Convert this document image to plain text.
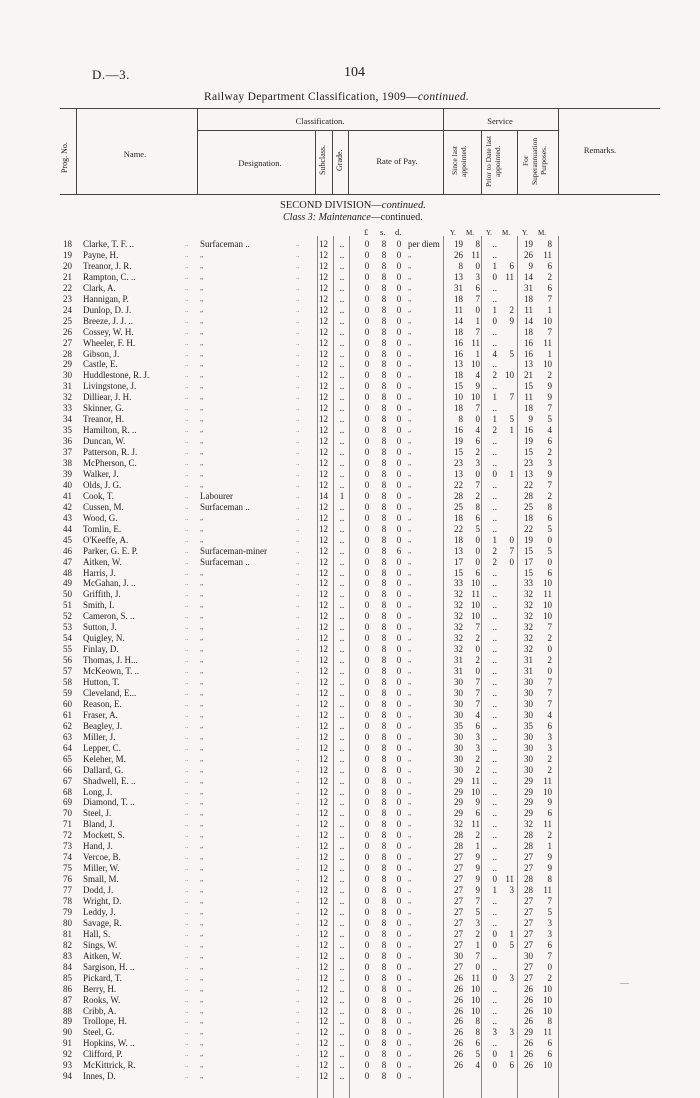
D.—3.	104
Railway Department Classification, 1909—continued.
Prog. No.	Name.
Classification.
Designation.	Subclass. Grade.	Rate of Pay.
Service
Since last appointed.	Prior to Date last appointed.	For Superannuation Purposes.	Remarks.
SECOND DIVISION—continued.
Class 3: Maintenance—continued.
£ s. d.	Y. M. Y. M. Y. M.
18 Clarke, T. F. ..	.. Surfaceman ..	.. 12	..	0 8 0 per diem	19	8	..	19	8
19 Payne, H.	.. „	.. 12	..	0 8 0 „	26 11	..	26	11
20 Treanor, J. R.	.. „	.. 12	..	0 8 0 „	8	0	1	6	9	6
21 Rampton, C. ..	.. „	.. 12	..	0 8 0 „	13	3	0 11	14	2
22 Clark, A.	.. „	.. 12	..	0 8 0 „	31	6	..	31	6
23 Hannigan, P.	.. „	.. 12	..	0 8 0 „	18	7	..	18	7
24 Dunlop, D. J.	.. „	.. 12	..	0 8 0 „	11	0	1	2	11	1
25 Breeze, J. J. ..	.. „	.. 12	..	0 8 0 „	14	1	0	9	14	10
26 Cossey, W. H.	.. „	.. 12	..	0 8 0 „	18	7	..	18	7
27 Wheeler, F. H.	.. „	.. 12	..	0 8 0 „	16 11	..	16	11
28 Gibson, J.	.. „	.. 12	..	0 8 0 „	16	1	4	5	16	1
29 Castle, E.	.. „	.. 12	..	0 8 0 „	13 10	..	13	10
30 Huddlestone, R. J.	.. „	.. 12	..	0 8 0 „	18	4	2 10	21	2
31 Livingstone, J.	.. „	.. 12	..	0 8 0 „	15	9	..	15	9
32 Dilliear, J. H.	.. „	.. 12	..	0 8 0 „	10 10	1	7	11	9
33 Skinner, G.	.. „	.. 12	..	0 8 0 „	18	7	..	18	7
34 Treanor, H.	.. „	.. 12	..	0 8 0 „	8	0	1	5	9	5
35 Hamilton, R. ..	.. „	.. 12	..	0 8 0 „	16	4	2	1	16	4
36 Duncan, W.	.. „	.. 12	..	0 8 0 „	19	6	..	19	6
37 Patterson, R. J.	.. „	.. 12	..	0 8 0 „	15	2	..	15	2
38 McPherson, C.	.. „	.. 12	..	0 8 0 „	23	3	..	23	3
39 Walker, J.	.. „	.. 12	..	0 8 0 „	13	0	0	1	13	9
40 Olds, J. G.	.. „	.. 12	..	0 8 0 „	22	7	..	22	7
41 Cook, T.	.. Labourer	.. 14	1	0 8 0 „	28	2	..	28	2
42 Cussen, M.	.. Surfaceman ..	.. 12	..	0 8 0 „	25	8	..	25	8
43 Wood, G.	.. „	.. 12	..	0 8 0 „	18	6	..	18	6
44 Tomlin, E.	.. „	.. 12	..	0 8 0 „	22	5	..	22	5
45 O'Keeffe, A.	.. „	.. 12	..	0 8 0 „	18	0	1	0	19	0
46 Parker, G. E. P.	.. Surfaceman-miner	.. 12	..	0 8 6 „	13	0	2	7	15	5
47 Aitken, W.	.. Surfaceman ..	.. 12	..	0 8 0 „	17	0	2	0	17	0
48 Harris, J.	.. „	.. 12	..	0 8 0 „	15	6	..	15	6
49 McGahan, J. ..	.. „	.. 12	..	0 8 0 „	33 10	..	33	10
50 Griffith, J.	.. „	.. 12	..	0 8 0 „	32 11	..	32	11
51 Smith, I.	.. „	.. 12	..	0 8 0 „	32 10	..	32	10
52 Cameron, S. ..	.. „	.. 12	..	0 8 0 „	32 10	..	32	10
53 Sutton, J.	.. „	.. 12	..	0 8 0 „	32	7	..	32	7
54 Quigley, N.	.. „	.. 12	..	0 8 0 „	32	2	..	32	2
55 Finlay, D.	.. „	.. 12	..	0 8 0 „	32	0	..	32	0
56 Thomas, J. H...	.. „	.. 12	..	0 8 0 „	31	2	..	31	2
57 McKeown, T. ..	.. „	.. 12	..	0 8 0 „	31	0	..	31	0
58 Hutton, T.	.. „	.. 12	..	0 8 0 „	30	7	..	30	7
59 Cleveland, E...	.. „	.. 12	..	0 8 0 „	30	7	..	30	7
60 Reason, E.	.. „	.. 12	..	0 8 0 „	30	7	..	30	7
61 Fraser, A.	.. „	.. 12	..	0 8 0 „	30	4	..	30	4
62 Beagley, J.	.. „	.. 12	..	0 8 0 „	35	6	..	35	6
63 Miller, J.	.. „	.. 12	..	0 8 0 „	30	3	..	30	3
64 Lepper, C.	.. „	.. 12	..	0 8 0 „	30	3	..	30	3
65 Keleher, M.	.. „	.. 12	..	0 8 0 „	30	2	..	30	2
66 Dallard, G.	.. „	.. 12	..	0 8 0 „	30	2	..	30	2
67 Shadwell, E. ..	.. „	.. 12	..	0 8 0 „	29 11	..	29	11
68 Long, J.	.. „	.. 12	..	0 8 0 „	29 10	..	29	10
69 Diamond, T. ..	.. „	.. 12	..	0 8 0 „	29	9	..	29	9
70 Steel, J.	.. „	.. 12	..	0 8 0 „	29	6	..	29	6
71 Bland, J.	.. „	.. 12	..	0 8 0 „	32 11	..	32	11
72 Mockett, S.	.. „	.. 12	..	0 8 0 „	28	2	..	28	2
73 Hand, J.	.. „	.. 12	..	0 8 0 „	28	1	..	28	1
74 Vercoe, B.	.. „	.. 12	..	0 8 0 „	27	9	..	27	9
75 Miller, W.	.. „	.. 12	..	0 8 0 „	27	9	..	27	9
76 Small, M.	.. „	.. 12	..	0 8 0 „	27	9	0 11	28	8
77 Dodd, J.	.. „	.. 12	..	0 8 0 „	27	9	1	3	28	11
78 Wright, D.	.. „	.. 12	..	0 8 0 „	27	7	..	27	7
79 Leddy, J.	.. „	.. 12	..	0 8 0 „	27	5	..	27	5
80 Savage, R.	.. „	.. 12	..	0 8 0 „	27	3	..	27	3
81 Hall, S.	.. „	.. 12	..	0 8 0 „	27	2	0	1	27	3
82 Sings, W.	.. „	.. 12	..	0 8 0 „	27	1	0	5	27	6
83 Aitken, W.	.. „	.. 12	..	0 8 0 „	30	7	..	30	7
84 Sargison, H. ..	.. „	.. 12	..	0 8 0 „	27	0	..	27	0
85 Pickard, T.	.. „	.. 12	..	0 8 0 „	26 11	0	3	27	2
86 Berry, H.	.. „	.. 12	..	0 8 0 „	26 10	..	26	10
87 Rooks, W.	.. „	.. 12	..	0 8 0 „	26 10	..	26	10
88 Cribb, A.	.. „	.. 12	..	0 8 0 „	26 10	..	26	10
89 Trollope, H.	.. „	.. 12	..	0 8 0 „	26	8	..	26	8
90 Steel, G.	.. „	.. 12	..	0 8 0 „	26	8	3	3	29	11
91 Hopkins, W. ..	.. „	.. 12	..	0 8 0 „	26	6	..	26	6
92 Clifford, P.	.. „	.. 12	..	0 8 0 „	26	5	0	1	26	6
93 McKittrick, R.	.. „	.. 12	..	0 8 0 „	26	4	0	6	26	10
94 Innes, D.	.. „	.. 12	..	0 8 0 „
—
